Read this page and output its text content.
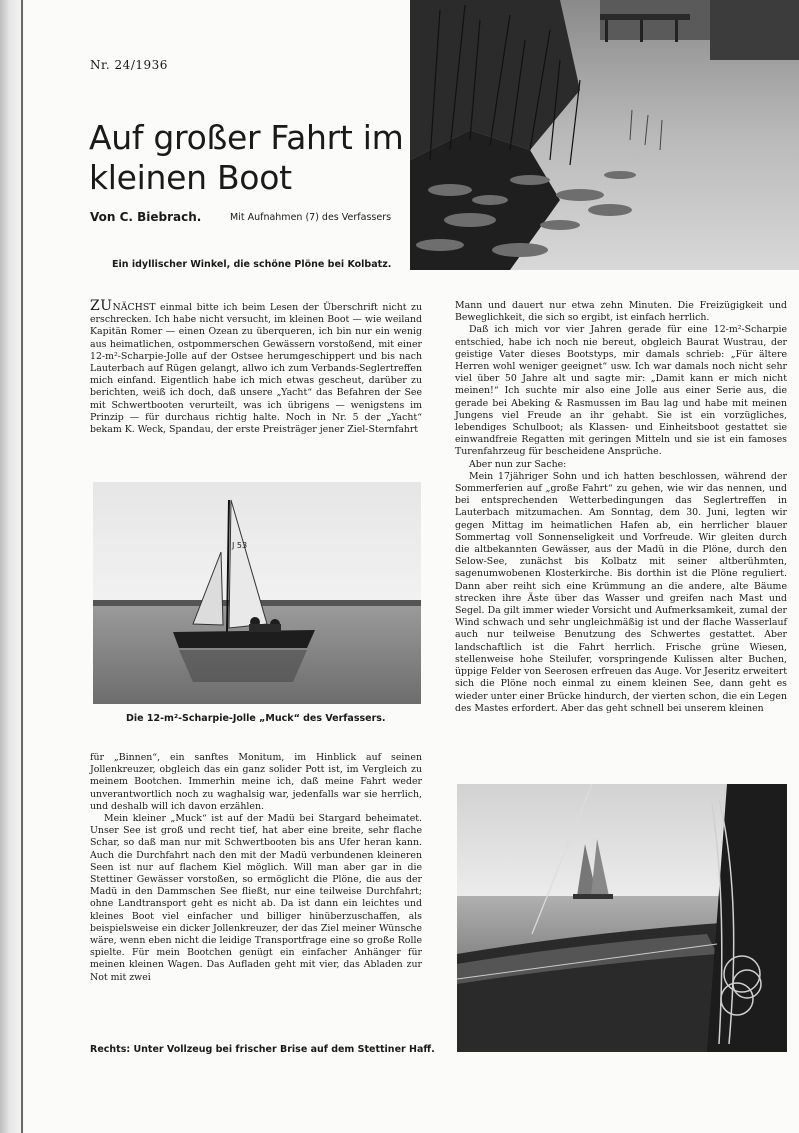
Nr. 24/1936
Auf großer Fahrt im
kleinen Boot
Von C. Biebrach.	Mit Aufnahmen (7) des Verfassers
Ein idyllischer Winkel, die schöne Plöne bei Kolbatz.

ZUNÄCHST einmal bitte ich beim Lesen der Überschrift nicht zu erschrecken. Ich habe nicht versucht, im kleinen Boot — wie weiland Kapitän Romer — einen Ozean zu überqueren, ich bin nur ein wenig aus heimatlichen, ostpommerschen Gewässern vorstoßend, mit einer 12-m²-Scharpie-Jolle auf der Ostsee herumgeschippert und bis nach Lauterbach auf Rügen gelangt, allwo ich zum Verbands-Seglertreffen mich einfand. Eigentlich habe ich mich etwas gescheut, darüber zu berichten, weiß ich doch, daß unsere „Yacht“ das Befahren der See mit Schwertbooten verurteilt, was ich übrigens — wenigstens im Prinzip — für durchaus richtig halte. Noch in Nr. 5 der „Yacht“ bekam K. Weck, Spandau, der erste Preisträger jener Ziel-Sternfahrt

J 53
Die 12-m²-Scharpie-Jolle „Muck“ des Verfassers.

für „Binnen“, ein sanftes Monitum, im Hinblick auf seinen Jollenkreuzer, obgleich das ein ganz solider Pott ist, im Vergleich zu meinem Bootchen. Immerhin meine ich, daß meine Fahrt weder unverantwortlich noch zu waghalsig war, jedenfalls war sie herrlich, und deshalb will ich davon erzählen.

Mein kleiner „Muck“ ist auf der Madü bei Stargard beheimatet. Unser See ist groß und recht tief, hat aber eine breite, sehr flache Schar, so daß man nur mit Schwertbooten bis ans Ufer heran kann. Auch die Durchfahrt nach den mit der Madü verbundenen kleineren Seen ist nur auf flachem Kiel möglich. Will man aber gar in die Stettiner Gewässer vorstoßen, so ermöglicht die Plöne, die aus der Madü in den Dammschen See fließt, nur eine teilweise Durchfahrt; ohne Landtransport geht es nicht ab. Da ist dann ein leichtes und kleines Boot viel einfacher und billiger hinüberzuschaffen, als beispielsweise ein dicker Jollenkreuzer, der das Ziel meiner Wünsche wäre, wenn eben nicht die leidige Transportfrage eine so große Rolle spielte. Für mein Bootchen genügt ein einfacher Anhänger für meinen kleinen Wagen. Das Aufladen geht mit vier, das Abladen zur Not mit zwei

Mann und dauert nur etwa zehn Minuten. Die Freizügigkeit und Beweglichkeit, die sich so ergibt, ist einfach herrlich.

Daß ich mich vor vier Jahren gerade für eine 12-m²-Scharpie entschied, habe ich noch nie bereut, obgleich Baurat Wustrau, der geistige Vater dieses Bootstyps, mir damals schrieb: „Für ältere Herren wohl weniger geeignet“ usw. Ich war damals noch nicht sehr viel über 50 Jahre alt und sagte mir: „Damit kann er mich nicht meinen!“ Ich suchte mir also eine Jolle aus einer Serie aus, die gerade bei Abeking & Rasmussen im Bau lag und habe mit meinen Jungens viel Freude an ihr gehabt. Sie ist ein vorzügliches, lebendiges Schulboot; als Klassen- und Einheitsboot gestattet sie einwandfreie Regatten mit geringen Mitteln und sie ist ein famoses Turenfahrzeug für bescheidene Ansprüche.

Aber nun zur Sache:

Mein 17jähriger Sohn und ich hatten beschlossen, während der Sommerferien auf „große Fahrt“ zu gehen, wie wir das nennen, und bei entsprechenden Wetterbedingungen das Seglertreffen in Lauterbach mitzumachen. Am Sonntag, dem 30. Juni, legten wir gegen Mittag im heimatlichen Hafen ab, ein herrlicher blauer Sommertag voll Sonnenseligkeit und Vorfreude. Wir gleiten durch die altbekannten Gewässer, aus der Madü in die Plöne, durch den Selow-See, zunächst bis Kolbatz mit seiner altberühmten, sagenumwobenen Klosterkirche. Bis dorthin ist die Plöne reguliert. Dann aber reiht sich eine Krümmung an die andere, alte Bäume strecken ihre Äste über das Wasser und greifen nach Mast und Segel. Da gilt immer wieder Vorsicht und Aufmerksamkeit, zumal der Wind schwach und sehr ungleichmäßig ist und der flache Wasserlauf auch nur teilweise Benutzung des Schwertes gestattet. Aber landschaftlich ist die Fahrt herrlich. Frische grüne Wiesen, stellenweise hohe Steilufer, vorspringende Kulissen alter Buchen, üppige Felder von Seerosen erfreuen das Auge. Vor Jeseritz erweitert sich die Plöne noch einmal zu einem kleinen See, dann geht es wieder unter einer Brücke hindurch, der vierten schon, die ein Legen des Mastes erfordert. Aber das geht schnell bei unserem kleinen

Rechts: Unter Vollzeug bei frischer Brise auf dem Stettiner Haff.
